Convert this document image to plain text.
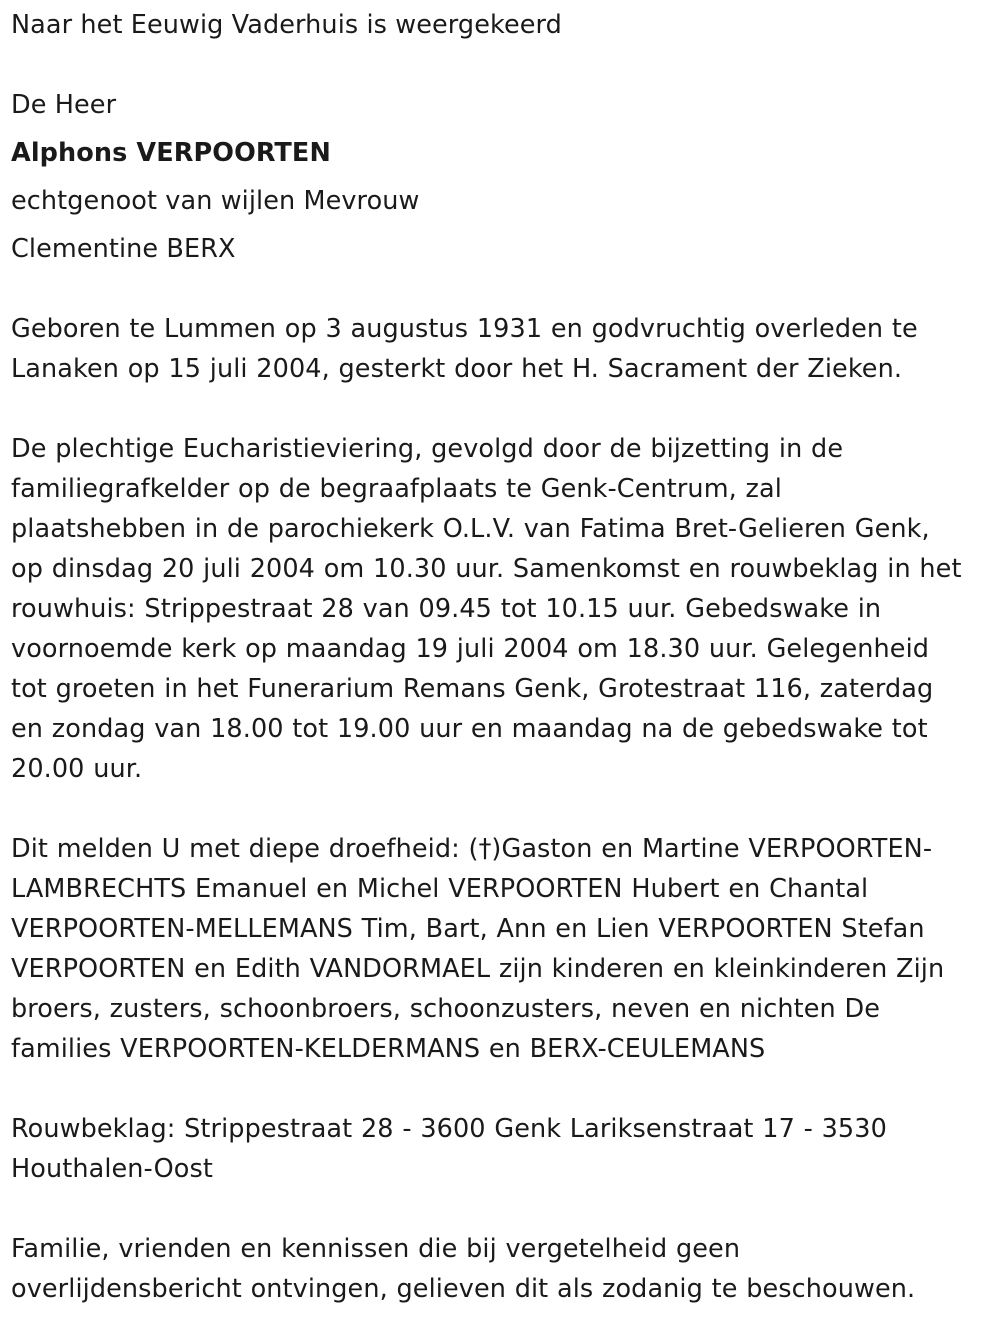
Naar het Eeuwig Vaderhuis is weergekeerd
De Heer
Alphons VERPOORTEN
echtgenoot van wijlen Mevrouw
Clementine BERX
Geboren te Lummen op 3 augustus 1931 en godvruchtig overleden te
Lanaken op 15 juli 2004, gesterkt door het H. Sacrament der Zieken.
De plechtige Eucharistieviering, gevolgd door de bijzetting in de
familiegrafkelder op de begraafplaats te Genk-Centrum, zal
plaatshebben in de parochiekerk O.L.V. van Fatima Bret-Gelieren Genk,
op dinsdag 20 juli 2004 om 10.30 uur. Samenkomst en rouwbeklag in het
rouwhuis: Strippestraat 28 van 09.45 tot 10.15 uur. Gebedswake in
voornoemde kerk op maandag 19 juli 2004 om 18.30 uur. Gelegenheid
tot groeten in het Funerarium Remans Genk, Grotestraat 116, zaterdag
en zondag van 18.00 tot 19.00 uur en maandag na de gebedswake tot
20.00 uur.
Dit melden U met diepe droefheid: (†)Gaston en Martine VERPOORTEN-
LAMBRECHTS Emanuel en Michel VERPOORTEN Hubert en Chantal
VERPOORTEN-MELLEMANS Tim, Bart, Ann en Lien VERPOORTEN Stefan
VERPOORTEN en Edith VANDORMAEL zijn kinderen en kleinkinderen Zijn
broers, zusters, schoonbroers, schoonzusters, neven en nichten De
families VERPOORTEN-KELDERMANS en BERX-CEULEMANS
Rouwbeklag: Strippestraat 28 - 3600 Genk Lariksenstraat 17 - 3530
Houthalen-Oost
Familie, vrienden en kennissen die bij vergetelheid geen
overlijdensbericht ontvingen, gelieven dit als zodanig te beschouwen.
